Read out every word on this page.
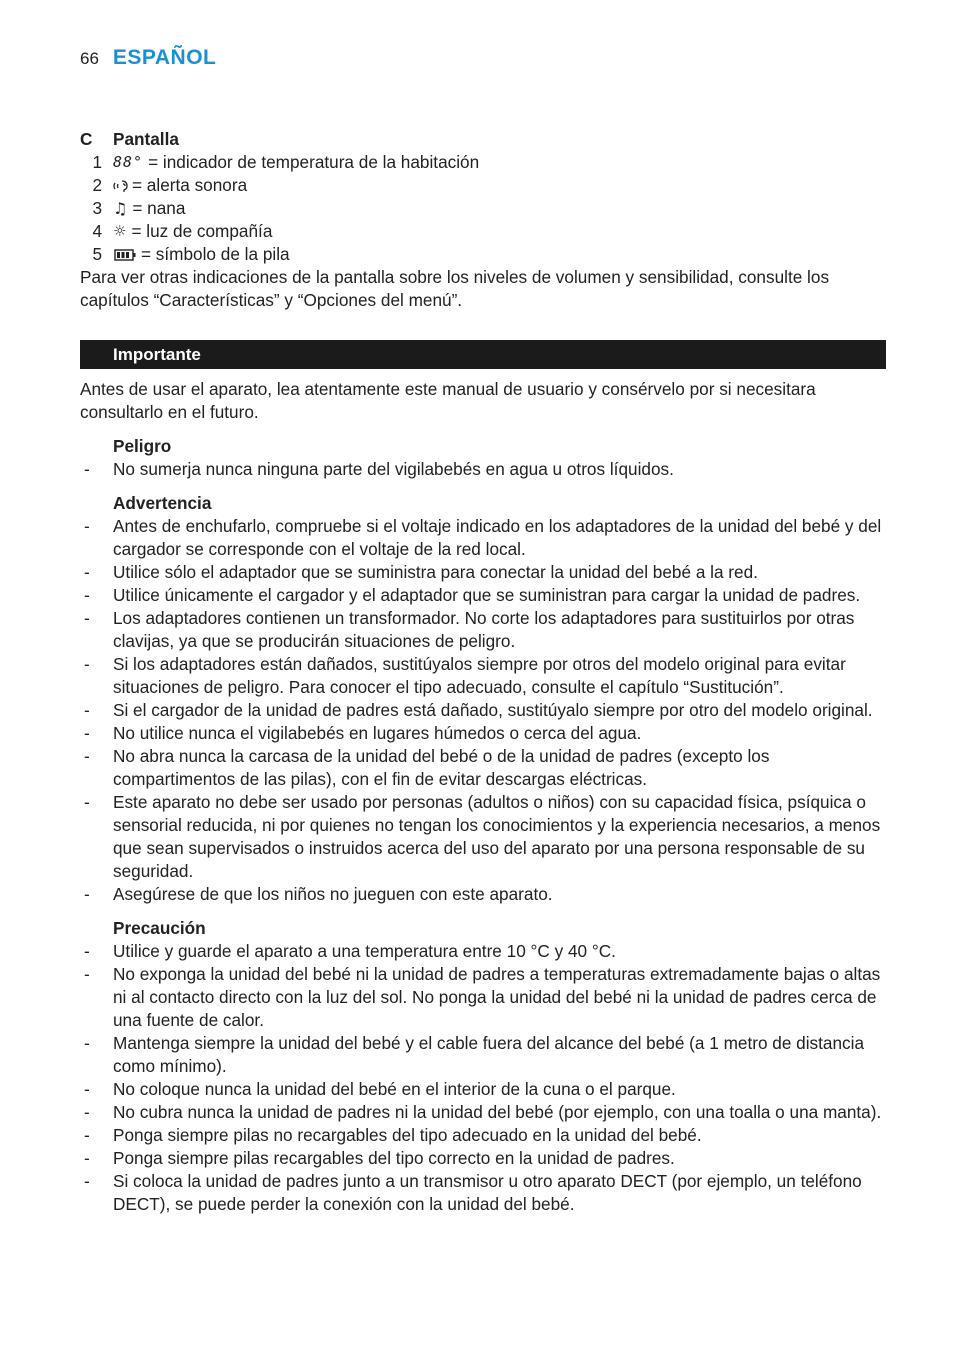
66 ESPAÑOL
C	Pantalla
1 88° = indicador de temperatura de la habitación
2 = alerta sonora
3 ♫ = nana
4 ☼ = luz de compañía
5 = símbolo de la pila

Para ver otras indicaciones de la pantalla sobre los niveles de volumen y sensibilidad, consulte los capítulos “Características” y “Opciones del menú”.

Importante

Antes de usar el aparato, lea atentamente este manual de usuario y consérvelo por si necesitara consultarlo en el futuro.

Peligro
- No sumerja nunca ninguna parte del vigilabebés en agua u otros líquidos.
Advertencia
- Antes de enchufarlo, compruebe si el voltaje indicado en los adaptadores de la unidad del bebé y del cargador se corresponde con el voltaje de la red local.
- Utilice sólo el adaptador que se suministra para conectar la unidad del bebé a la red.
- Utilice únicamente el cargador y el adaptador que se suministran para cargar la unidad de padres.
- Los adaptadores contienen un transformador. No corte los adaptadores para sustituirlos por otras clavijas, ya que se producirán situaciones de peligro.
- Si los adaptadores están dañados, sustitúyalos siempre por otros del modelo original para evitar situaciones de peligro. Para conocer el tipo adecuado, consulte el capítulo “Sustitución”.
- Si el cargador de la unidad de padres está dañado, sustitúyalo siempre por otro del modelo original.
- No utilice nunca el vigilabebés en lugares húmedos o cerca del agua.
- No abra nunca la carcasa de la unidad del bebé o de la unidad de padres (excepto los compartimentos de las pilas), con el fin de evitar descargas eléctricas.
- Este aparato no debe ser usado por personas (adultos o niños) con su capacidad física, psíquica o sensorial reducida, ni por quienes no tengan los conocimientos y la experiencia necesarios, a menos que sean supervisados o instruidos acerca del uso del aparato por una persona responsable de su seguridad.
- Asegúrese de que los niños no jueguen con este aparato.
Precaución
- Utilice y guarde el aparato a una temperatura entre 10 °C y 40 °C.
- No exponga la unidad del bebé ni la unidad de padres a temperaturas extremadamente bajas o altas ni al contacto directo con la luz del sol. No ponga la unidad del bebé ni la unidad de padres cerca de una fuente de calor.
- Mantenga siempre la unidad del bebé y el cable fuera del alcance del bebé (a 1 metro de distancia como mínimo).
- No coloque nunca la unidad del bebé en el interior de la cuna o el parque.
- No cubra nunca la unidad de padres ni la unidad del bebé (por ejemplo, con una toalla o una manta).
- Ponga siempre pilas no recargables del tipo adecuado en la unidad del bebé.
- Ponga siempre pilas recargables del tipo correcto en la unidad de padres.
- Si coloca la unidad de padres junto a un transmisor u otro aparato DECT (por ejemplo, un teléfono DECT), se puede perder la conexión con la unidad del bebé.
